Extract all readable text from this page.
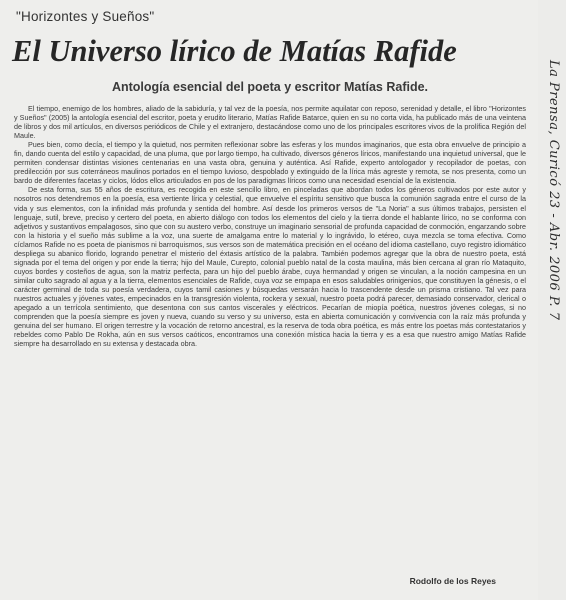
"Horizontes y Sueños"
El Universo lírico de Matías Rafide
Antología esencial del poeta y escritor Matías Rafide.

El tiempo, enemigo de los hombres, aliado de la sabiduría, y tal vez de la poesía, nos permite aquilatar con reposo, serenidad y detalle, el libro "Horizontes y Sueños" (2005) la antología esencial del escritor, poeta y erudito literario, Matías Rafide Batarce, quien en su no corta vida, ha publicado más de una veintena de libros y dos mil artículos, en diversos periódicos de Chile y el extranjero, destacándose como uno de los principales escritores vivos de la prolífica Región del Maule.

Pues bien, como decía, el tiempo y la quietud, nos permiten reflexionar sobre las esferas y los mundos imaginarios, que esta obra envuelve de principio a fin, dando cuenta del estilo y capacidad, de una pluma, que por largo tiempo, ha cultivado, diversos géneros líricos, manifestando una inquietud universal, que le permiten condensar distintas visiones centenarias en una vasta obra, genuina y auténtica. Así Rafide, experto antologador y recopilador de poetas, con predilección por sus coterráneos maulinos portados en el tiempo luvioso, despoblado y extinguido de la lírica más agreste y remota, se nos presenta, como un bardo de diferentes facetas y ciclos, lódos ellos articulados en pos de los paradigmas líricos como una necesidad esencial de la existencia.

De esta forma, sus 55 años de escritura, es recogida en este sencillo libro, en pinceladas que abordan todos los géneros cultivados por este autor y nosotros nos detendremos en la poesía, esa vertiente lírica y celestial, que envuelve el espíritu sensitivo que busca la comunión sagrada entre el curso de la vida y sus elementos, con la infinidad más profunda y sentida del hombre. Así desde los primeros versos de "La Noria" a sus últimos trabajos, persisten el lenguaje, sutil, breve, preciso y certero del poeta, en abierto diálogo con todos los elementos del cielo y la tierra donde el hablante lírico, no se conforma con adjetivos y sustantivos empalagosos, sino que con su austero verbo, construye un imaginario sensorial de profunda capacidad de conmoción, engarzando sobre con la historia y el sueño más sublime a la voz, una suerte de amalgama entre lo material y lo ingrávido, lo etéreo, cuya mezcla se toma efectiva. Como cíclamos Rafide no es poeta de pianismos ni barroquismos, sus versos son de matemática precisión en el océano del idioma castellano, cuyo registro idiomático despliega su abanico florido, logrando penetrar el misterio del éxtasis artístico de la palabra. También podemos agregar que la obra de nuestro poeta, está signada por el tema del origen y por ende la tierra; hijo del Maule, Curepto, colonial pueblo natal de la costa maulina, más bien cercana al gran río Mataquito, cuyos bordes y costeños de agua, son la matriz perfecta, para un hijo del pueblo árabe, cuya hermandad y origen se vinculan, a la noción campesina en un similar culto sagrado al agua y a la tierra, elementos esenciales de Rafide, cuya voz se empapa en esos saludables orinigenios, que constituyen la génesis, o el carácter germinal de toda su poesía verdadera, cuyos tamil casiones y búsquedas versarán hacia lo trascendente desde un prisma cristiano. Tal vez para nuestros actuales y jóvenes vates, empecinados en la transgresión violenta, rockera y sexual, nuestro poeta podrá parecer, demasiado conservador, clerical o apegado a un terrícola sentimiento, que desentona con sus cantos viscerales y eléctricos. Pecarían de miopía poética, nuestros jóvenes colegas, si no comprenden que la poesía siempre es joven y nueva, cuando su verso y su universo, esta en abierta comunicación y convivencia con la raíz más profunda y genuina del ser humano. El origen terrestre y la vocación de retorno ancestral, es la reserva de toda obra poética, es más entre los poetas más contestatarios y rebeldes como Pablo De Rokha, aún en sus versos caóticos, encontramos una conexión mística hacia la tierra y es a esa que nuestro amigo Matías Rafide siempre ha desarrollado en su extensa y destacada obra.

Rodolfo de los Reyes
La Prensa, Curicó 23 - Abr. 2006 P. 7
